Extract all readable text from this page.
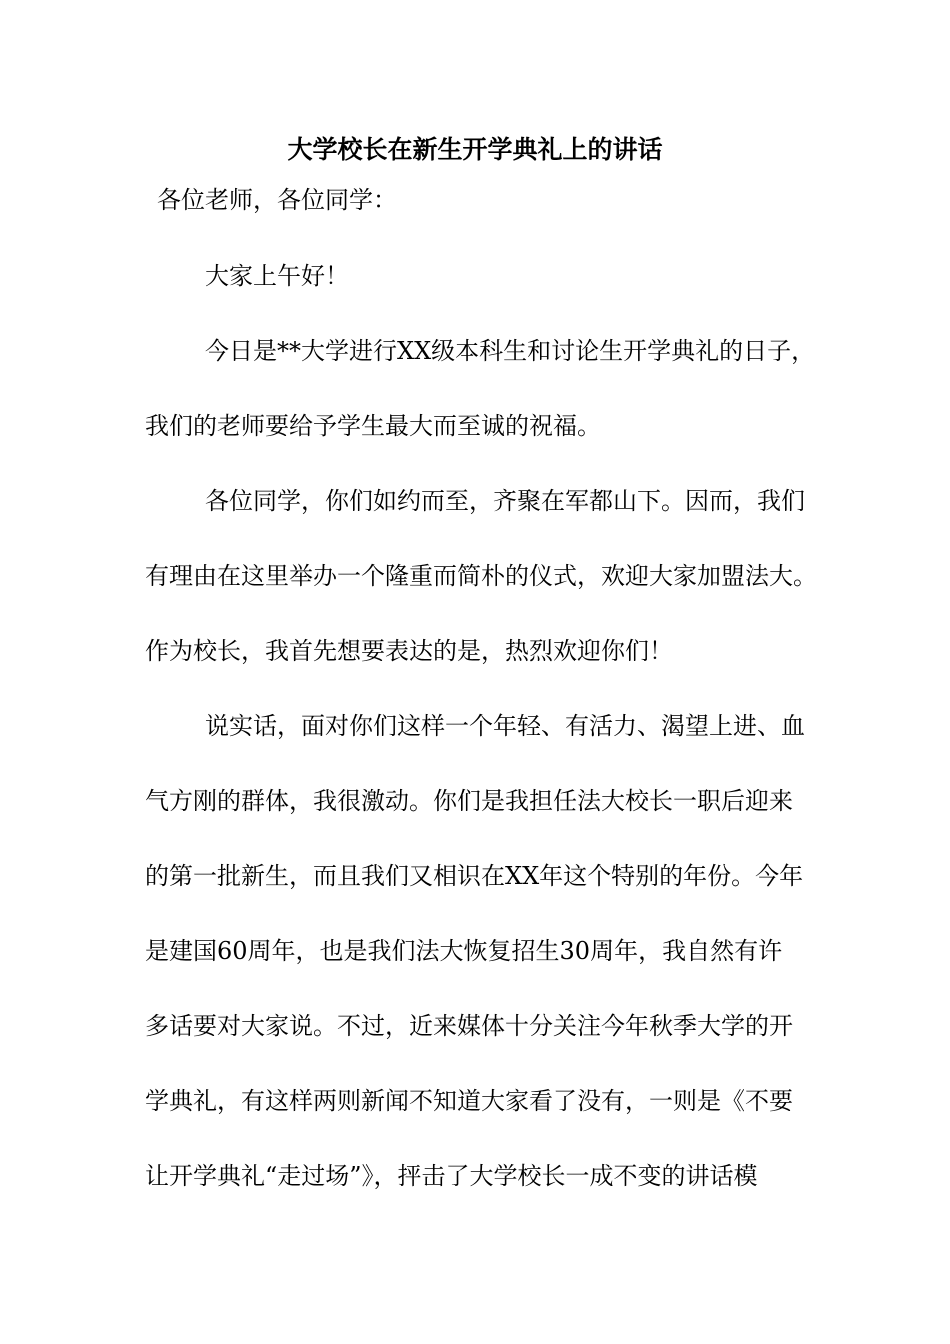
大学校长在新生开学典礼上的讲话
各位老师，各位同学：
大家上午好！
今日是**大学进行XX级本科生和讨论生开学典礼的日子，
我们的老师要给予学生最大而至诚的祝福。
各位同学，你们如约而至，齐聚在军都山下。因而，我们
有理由在这里举办一个隆重而简朴的仪式，欢迎大家加盟法大。
作为校长，我首先想要表达的是，热烈欢迎你们！
说实话，面对你们这样一个年轻、有活力、渴望上进、血
气方刚的群体，我很激动。你们是我担任法大校长一职后迎来
的第一批新生，而且我们又相识在XX年这个特别的年份。今年
是建国60周年，也是我们法大恢复招生30周年，我自然有许
多话要对大家说。不过，近来媒体十分关注今年秋季大学的开
学典礼，有这样两则新闻不知道大家看了没有，一则是《不要
让开学典礼“走过场”》，抨击了大学校长一成不变的讲话模
